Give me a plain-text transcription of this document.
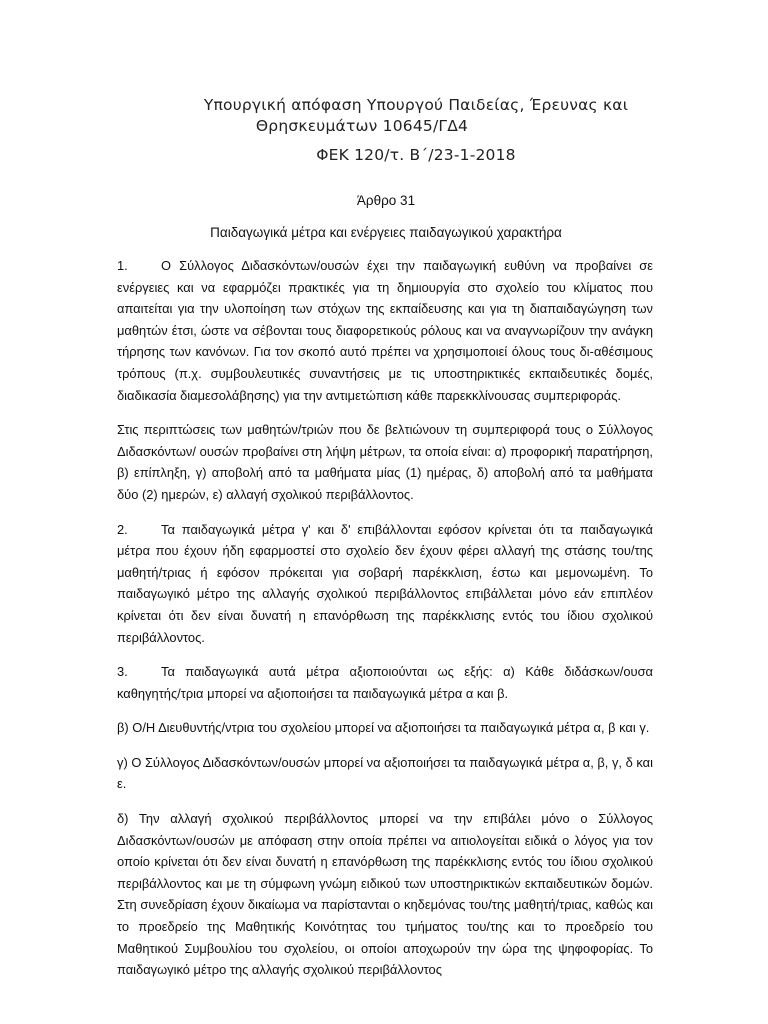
Υπουργική απόφαση Υπουργού Παιδείας, Έρευνας και
Θρησκευμάτων 10645/ΓΔ4
ΦΕΚ 120/τ. Β΄/23-1-2018
Άρθρο 31
Παιδαγωγικά μέτρα και ενέργειες παιδαγωγικού χαρακτήρα

1.	Ο Σύλλογος Διδασκόντων/ουσών έχει την παιδαγωγική ευθύνη να προβαίνει σε ενέργειες και να εφαρμόζει πρακτικές για τη δημιουργία στο σχολείο του κλίματος που απαιτείται για την υλοποίηση των στόχων της εκπαίδευσης και για τη διαπαιδαγώγηση των μαθητών έτσι, ώστε να σέβονται τους διαφορετικούς ρόλους και να αναγνωρίζουν την ανάγκη τήρησης των κανόνων. Για τον σκοπό αυτό πρέπει να χρησιμοποιεί όλους τους δι-αθέσιμους τρόπους (π.χ. συμβουλευτικές συναντήσεις με τις υποστηρικτικές εκπαιδευτικές δομές, διαδικασία διαμεσολάβησης) για την αντιμετώπιση κάθε παρεκκλίνουσας συμπεριφοράς.

Στις περιπτώσεις των μαθητών/τριών που δε βελτιώνουν τη συμπεριφορά τους ο Σύλλογος Διδασκόντων/ ουσών προβαίνει στη λήψη μέτρων, τα οποία είναι: α) προφορική παρατήρηση, β) επίπληξη, γ) αποβολή από τα μαθήματα μίας (1) ημέρας, δ) αποβολή από τα μαθήματα δύο (2) ημερών, ε) αλλαγή σχολικού περιβάλλοντος.

2.	Τα παιδαγωγικά μέτρα γ' και δ' επιβάλλονται εφόσον κρίνεται ότι τα παιδαγωγικά μέτρα που έχουν ήδη εφαρμοστεί στο σχολείο δεν έχουν φέρει αλλαγή της στάσης του/της μαθητή/τριας ή εφόσον πρόκειται για σοβαρή παρέκκλιση, έστω και μεμονωμένη. Το παιδαγωγικό μέτρο της αλλαγής σχολικού περιβάλλοντος επιβάλλεται μόνο εάν επιπλέον κρίνεται ότι δεν είναι δυνατή η επανόρθωση της παρέκκλισης εντός του ίδιου σχολικού περιβάλλοντος.

3.	Τα παιδαγωγικά αυτά μέτρα αξιοποιούνται ως εξής: α) Κάθε διδάσκων/ουσα καθηγητής/τρια μπορεί να αξιοποιήσει τα παιδαγωγικά μέτρα α και β.

β) Ο/Η Διευθυντής/ντρια του σχολείου μπορεί να αξιοποιήσει τα παιδαγωγικά μέτρα α, β και γ.

γ) Ο Σύλλογος Διδασκόντων/ουσών μπορεί να αξιοποιήσει τα παιδαγωγικά μέτρα α, β, γ, δ και ε.

δ) Την αλλαγή σχολικού περιβάλλοντος μπορεί να την επιβάλει μόνο ο Σύλλογος Διδασκόντων/ουσών με απόφαση στην οποία πρέπει να αιτιολογείται ειδικά ο λόγος για τον οποίο κρίνεται ότι δεν είναι δυνατή η επανόρθωση της παρέκκλισης εντός του ίδιου σχολικού περιβάλλοντος και με τη σύμφωνη γνώμη ειδικού των υποστηρικτικών εκπαιδευτικών δομών. Στη συνεδρίαση έχουν δικαίωμα να παρίστανται ο κηδεμόνας του/της μαθητή/τριας, καθώς και το προεδρείο της Μαθητικής Κοινότητας του τμήματος του/της και το προεδρείο του Μαθητικού Συμβουλίου του σχολείου, οι οποίοι αποχωρούν την ώρα της ψηφοφορίας. Το παιδαγωγικό μέτρο της αλλαγής σχολικού περιβάλλοντος
